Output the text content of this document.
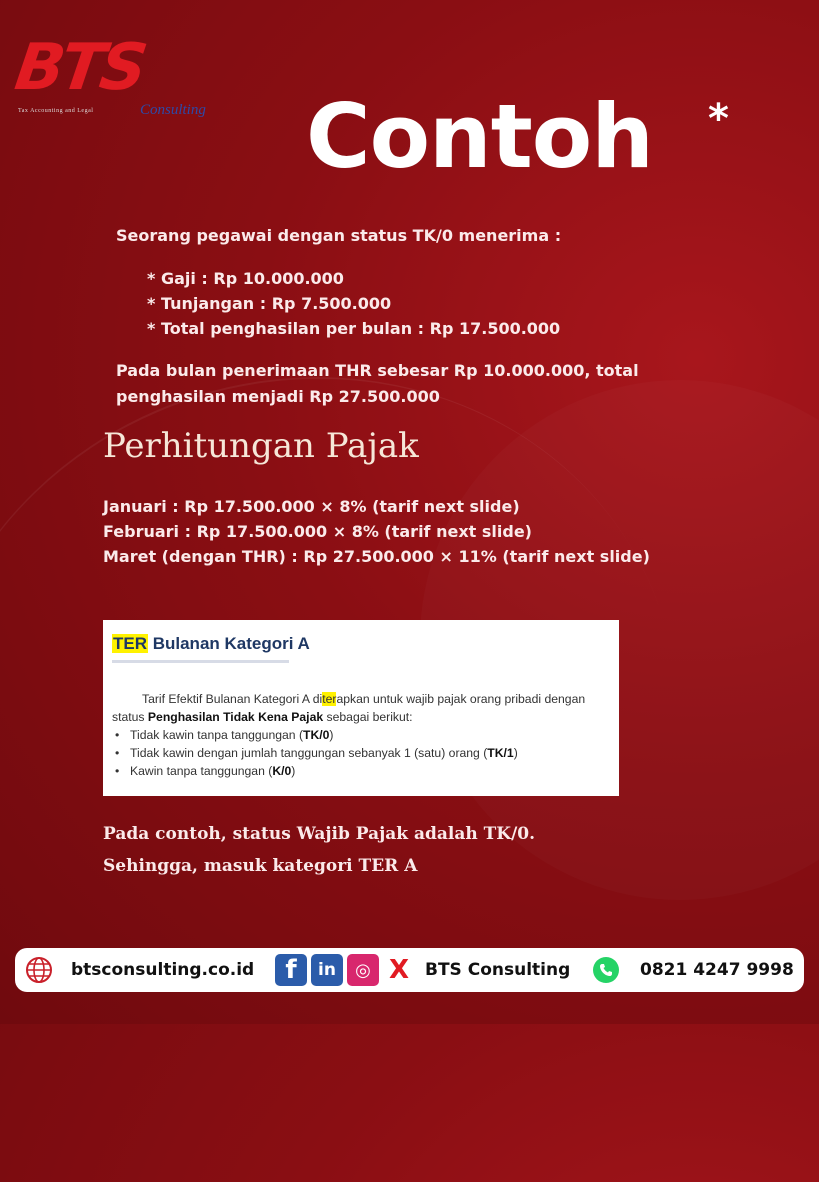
BTS
Tax Accounting and Legal	Consulting Contoh *
Seorang pegawai dengan status TK/0 menerima :
* Gaji : Rp 10.000.000
* Tunjangan : Rp 7.500.000
* Total penghasilan per bulan : Rp 17.500.000
Pada bulan penerimaan THR sebesar Rp 10.000.000, total penghasilan menjadi Rp 27.500.000
Perhitungan Pajak
Januari : Rp 17.500.000 × 8% (tarif next slide)
Februari : Rp 17.500.000 × 8% (tarif next slide)
Maret (dengan THR) : Rp 27.500.000 × 11% (tarif next slide)
TER Bulanan Kategori A
Tarif Efektif Bulanan Kategori A diterapkan untuk wajib pajak orang pribadi dengan
status Penghasilan Tidak Kena Pajak sebagai berikut:
• Tidak kawin tanpa tanggungan (TK/0)
• Tidak kawin dengan jumlah tanggungan sebanyak 1 (satu) orang (TK/1)
• Kawin tanpa tanggungan (K/0)
Pada contoh, status Wajib Pajak adalah TK/0.
Sehingga, masuk kategori TER A
btsconsulting.co.id	f	in	◎ X BTS Consulting	0821 4247 9998
